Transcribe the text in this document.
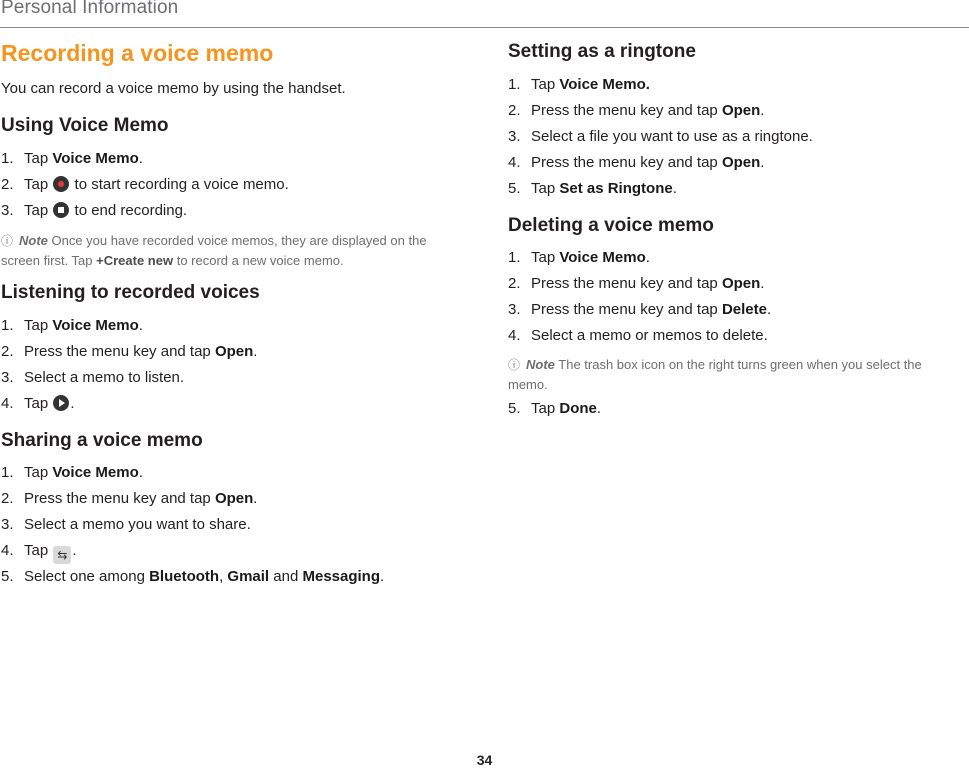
Personal Information
Recording a voice memo
You can record a voice memo by using the handset.
Using Voice Memo
1. Tap Voice Memo.
2. Tap  to start recording a voice memo.
3. Tap  to end recording.
ⓘ Note Once you have recorded voice memos, they are displayed on the screen first. Tap +Create new to record a new voice memo.
Listening to recorded voices
1. Tap Voice Memo.
2. Press the menu key and tap Open.
3. Select a memo to listen.
4. Tap .
Sharing a voice memo
1. Tap Voice Memo.
2. Press the menu key and tap Open.
3. Select a memo you want to share.
4. Tap ⇆ .
5. Select one among Bluetooth, Gmail and Messaging.
Setting as a ringtone
1. Tap Voice Memo.
2. Press the menu key and tap Open.
3. Select a file you want to use as a ringtone.
4. Press the menu key and tap Open.
5. Tap Set as Ringtone.
Deleting a voice memo
1. Tap Voice Memo.
2. Press the menu key and tap Open.
3. Press the menu key and tap Delete.
4. Select a memo or memos to delete.
ⓘ Note The trash box icon on the right turns green when you select the memo.
5. Tap Done.
34
